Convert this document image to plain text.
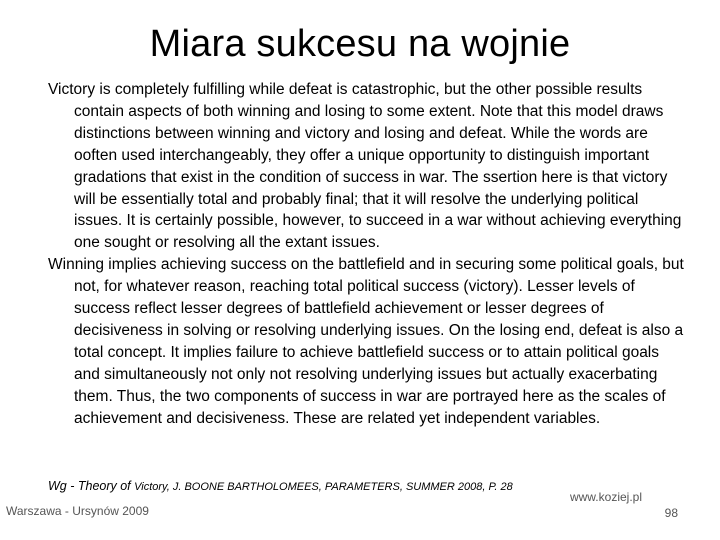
Miara sukcesu na wojnie

Victory is completely fulfilling while defeat is catastrophic, but the other possible results contain aspects of both winning and losing to some extent. Note that this model draws distinctions between winning and victory and losing and defeat. While the words are ooften used interchangeably, they offer a unique opportunity to distinguish important gradations that exist in the condition of success in war. The ssertion here is that victory will be essentially total and probably final; that it will resolve the underlying political issues. It is certainly possible, however, to succeed in a war without achieving everything one sought or resolving all the extant issues.

Winning implies achieving success on the battlefield and in securing some political goals, but not, for whatever reason, reaching total political success (victory). Lesser levels of success reflect lesser degrees of battlefield achievement or lesser degrees of decisiveness in solving or resolving underlying issues. On the losing end, defeat is also a total concept. It implies failure to achieve battlefield success or to attain political goals and simultaneously not only not resolving underlying issues but actually exacerbating them. Thus, the two components of success in war are portrayed here as the scales of achievement and decisiveness. These are related yet independent variables.

Wg - Theory of Victory, J. BOONE BARTHOLOMEES, PARAMETERS, SUMMER 2008, P. 28
Warszawa - Ursynów 2009
www.koziej.pl
98
